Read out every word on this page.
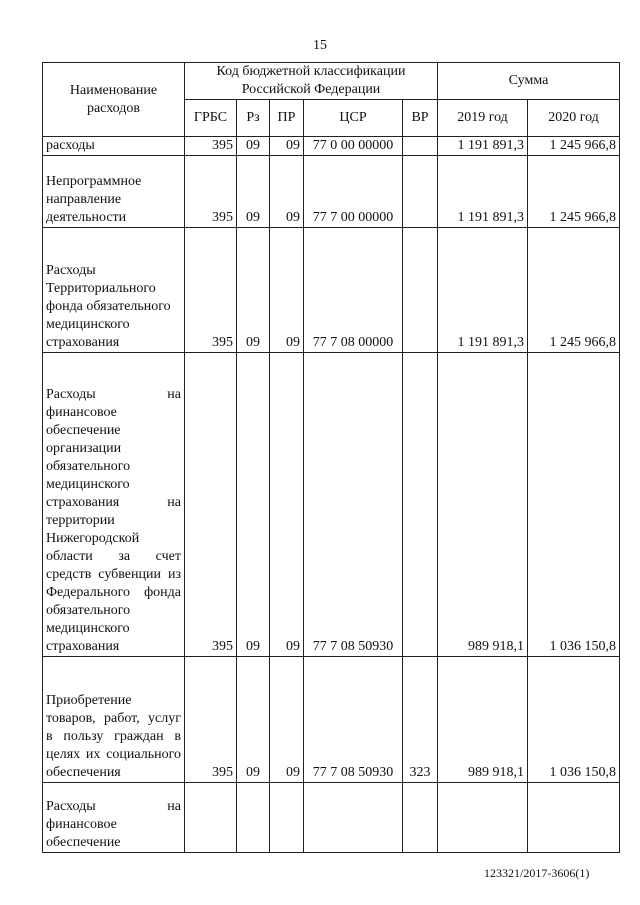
15
Наименование расходов	Код бюджетной классификации Российской Федерации					Сумма	
	ГРБС	Рз	ПР	ЦСР	ВР	2019 год	2020 год
расходы	395	09	09	77 0 00 00000		1 191 891,3	1 245 966,8
Непрограммное направление деятельности	395	09	09	77 7 00 00000		1 191 891,3	1 245 966,8
Расходы Территориального фонда обязательного медицинского страхования	395	09	09	77 7 08 00000		1 191 891,3	1 245 966,8
Расходы на финансовое обеспечение организации обязательного медицинского страхования на территории Нижегородской области за счет средств субвенции из Федерального фонда обязательного медицинского страхования	395	09	09	77 7 08 50930		989 918,1	1 036 150,8
Приобретение товаров, работ, услуг в пользу граждан в целях их социального обеспечения	395	09	09	77 7 08 50930	323	989 918,1	1 036 150,8
Расходы на финансовое обеспечение							
123321/2017-3606(1)
